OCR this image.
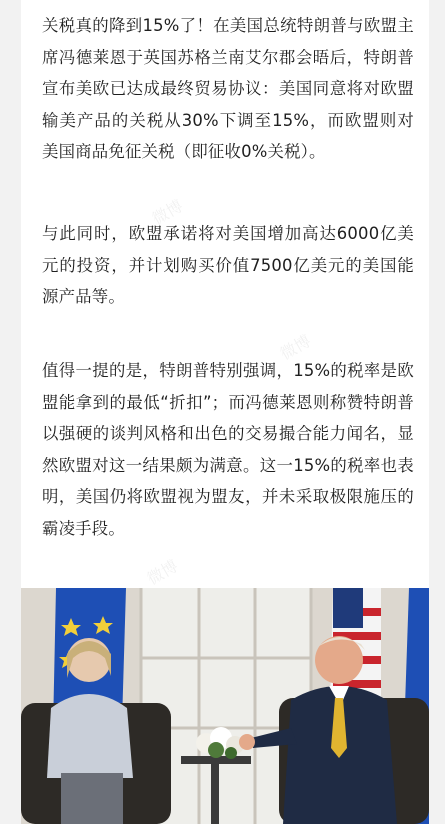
关税真的降到15%了！在美国总统特朗普与欧盟主席冯德莱恩于英国苏格兰南艾尔郡会晤后，特朗普宣布美欧已达成最终贸易协议：美国同意将对欧盟输美产品的关税从30%下调至15%，而欧盟则对美国商品免征关税（即征收0%关税）。

与此同时，欧盟承诺将对美国增加高达6000亿美元的投资，并计划购买价值7500亿美元的美国能源产品等。

值得一提的是，特朗普特别强调，15%的税率是欧盟能拿到的最低“折扣”；而冯德莱恩则称赞特朗普以强硬的谈判风格和出色的交易撮合能力闻名，显然欧盟对这一结果颇为满意。这一15%的税率也表明，美国仍将欧盟视为盟友，并未采取极限施压的霸凌手段。

微博
微博
微博
